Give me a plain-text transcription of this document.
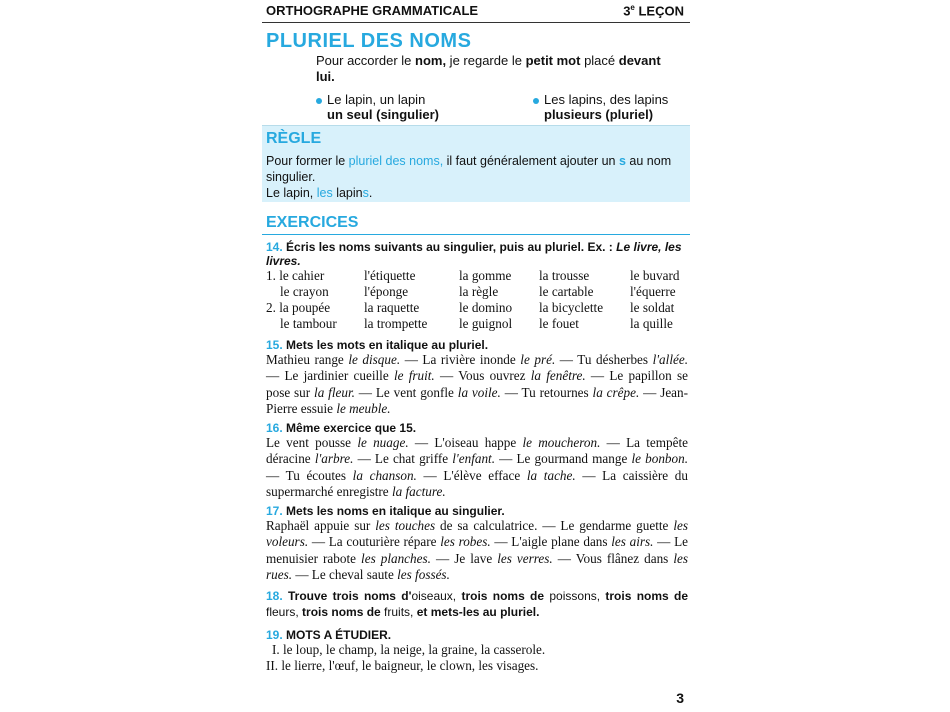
ORTHOGRAPHE GRAMMATICALE	3e LEÇON
PLURIEL DES NOMS
Pour accorder le nom, je regarde le petit mot placé devant
lui.
Le lapin, un lapin
un seul (singulier)
Les lapins, des lapins
plusieurs (pluriel)
RÈGLE
Pour former le pluriel des noms, il faut généralement ajouter un s au nom
singulier.
Le lapin, les lapins.
EXERCICES
14. Écris les noms suivants au singulier, puis au pluriel. Ex. : Le livre, les livres.
1. le cahier
le crayon
2. la poupée
le tambour
l'étiquette
l'éponge
la raquette
la trompette
la gomme
la règle
le domino
le guignol
la trousse
le cartable
la bicyclette
le fouet
le buvard
l'équerre
le soldat
la quille
15. Mets les mots en italique au pluriel.
Mathieu range le disque. — La rivière inonde le pré. — Tu désherbes l'allée. — Le jardinier cueille le fruit. — Vous ouvrez la fenêtre. — Le papillon se pose sur la fleur. — Le vent gonfle la voile. — Tu retournes la crêpe. — Jean-Pierre essuie le meuble.
16. Même exercice que 15.
Le vent pousse le nuage. — L'oiseau happe le moucheron. — La tempête déracine l'arbre. — Le chat griffe l'enfant. — Le gourmand mange le bonbon. — Tu écoutes la chanson. — L'élève efface la tache. — La caissière du supermarché enregistre la facture.
17. Mets les noms en italique au singulier.
Raphaël appuie sur les touches de sa calculatrice. — Le gendarme guette les voleurs. — La couturière répare les robes. — L'aigle plane dans les airs. — Le menuisier rabote les planches. — Je lave les verres. — Vous flânez dans les rues. — Le cheval saute les fossés.
18. Trouve trois noms d'oiseaux, trois noms de poissons, trois noms de fleurs, trois noms de fruits, et mets-les au pluriel.
19. MOTS A ÉTUDIER.
I. le loup, le champ, la neige, la graine, la casserole.
II. le lierre, l'œuf, le baigneur, le clown, les visages.
3
